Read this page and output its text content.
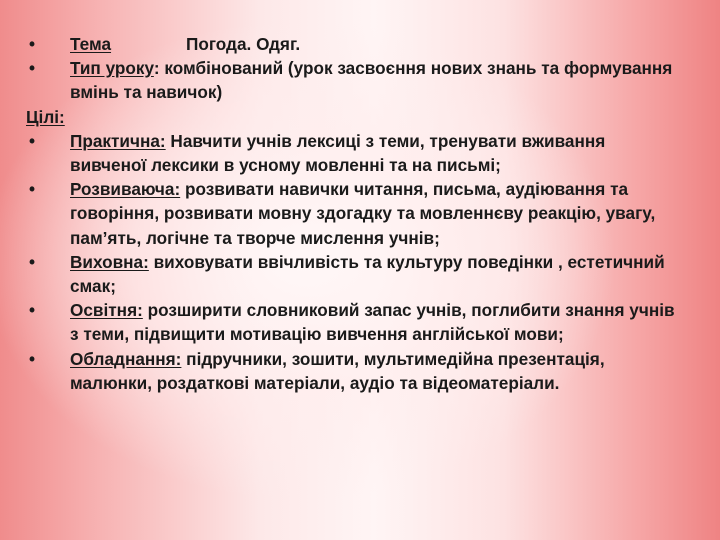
•	Тема	Погода. Одяг.
•	Тип уроку: комбінований (урок засвоєння нових знань та формування вмінь та навичок)
Цілі:
•	Практична: Навчити учнів лексиці з теми, тренувати вживання вивченої лексики в усному мовленні та на письмі;
•	Розвиваюча: розвивати навички читання, письма, аудіювання та говоріння, розвивати мовну здогадку та мовленнєву реакцію, увагу, пам’ять, логічне та творче мислення учнів;
•	Виховна: виховувати ввічливість та культуру поведінки , естетичний смак;
•	Освітня: розширити словниковий запас учнів, поглибити знання учнів з теми, підвищити мотивацію вивчення англійської мови;
•	Обладнання: підручники, зошити, мультимедійна презентація, малюнки, роздаткові матеріали, аудіо та відеоматеріали.
